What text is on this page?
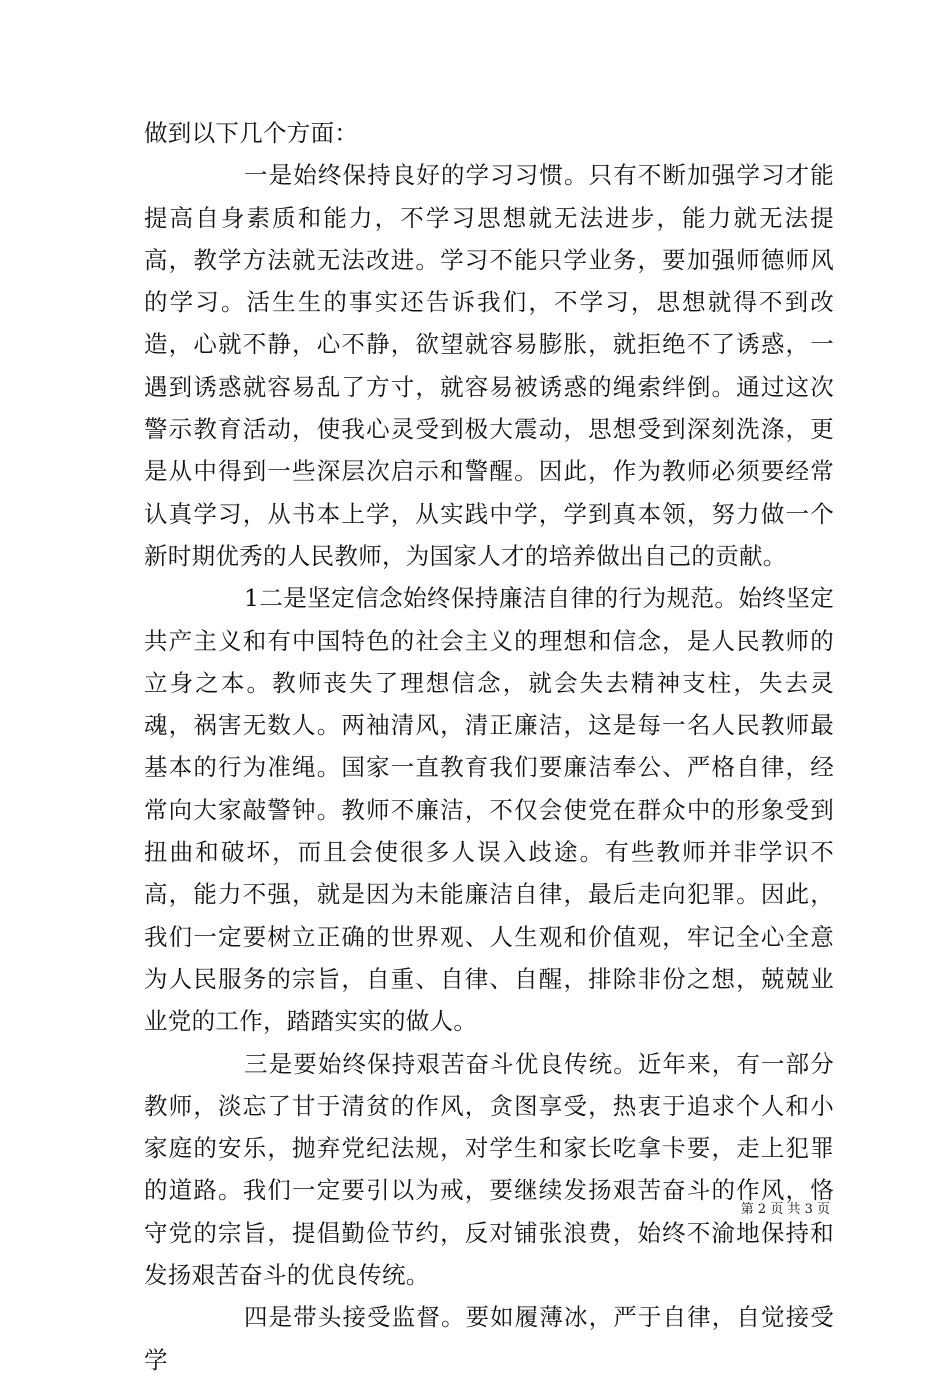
做到以下几个方面：

一是始终保持良好的学习习惯。只有不断加强学习才能提高自身素质和能力，不学习思想就无法进步，能力就无法提高，教学方法就无法改进。学习不能只学业务，要加强师德师风的学习。活生生的事实还告诉我们，不学习，思想就得不到改造，心就不静，心不静，欲望就容易膨胀，就拒绝不了诱惑，一遇到诱惑就容易乱了方寸，就容易被诱惑的绳索绊倒。通过这次警示教育活动，使我心灵受到极大震动，思想受到深刻洗涤，更是从中得到一些深层次启示和警醒。因此，作为教师必须要经常认真学习，从书本上学，从实践中学，学到真本领，努力做一个新时期优秀的人民教师，为国家人才的培养做出自己的贡献。

1二是坚定信念始终保持廉洁自律的行为规范。始终坚定共产主义和有中国特色的社会主义的理想和信念，是人民教师的立身之本。教师丧失了理想信念，就会失去精神支柱，失去灵魂，祸害无数人。两袖清风，清正廉洁，这是每一名人民教师最基本的行为准绳。国家一直教育我们要廉洁奉公、严格自律，经常向大家敲警钟。教师不廉洁，不仅会使党在群众中的形象受到扭曲和破坏，而且会使很多人误入歧途。有些教师并非学识不高，能力不强，就是因为未能廉洁自律，最后走向犯罪。因此，我们一定要树立正确的世界观、人生观和价值观，牢记全心全意为人民服务的宗旨，自重、自律、自醒，排除非份之想，兢兢业业党的工作，踏踏实实的做人。

三是要始终保持艰苦奋斗优良传统。近年来，有一部分教师，淡忘了甘于清贫的作风，贪图享受，热衷于追求个人和小家庭的安乐，抛弃党纪法规，对学生和家长吃拿卡要，走上犯罪的道路。我们一定要引以为戒，要继续发扬艰苦奋斗的作风，恪守党的宗旨，提倡勤俭节约，反对铺张浪费，始终不渝地保持和发扬艰苦奋斗的优良传统。

四是带头接受监督。要如履薄冰，严于自律，自觉接受学

第 2 页 共 3 页
